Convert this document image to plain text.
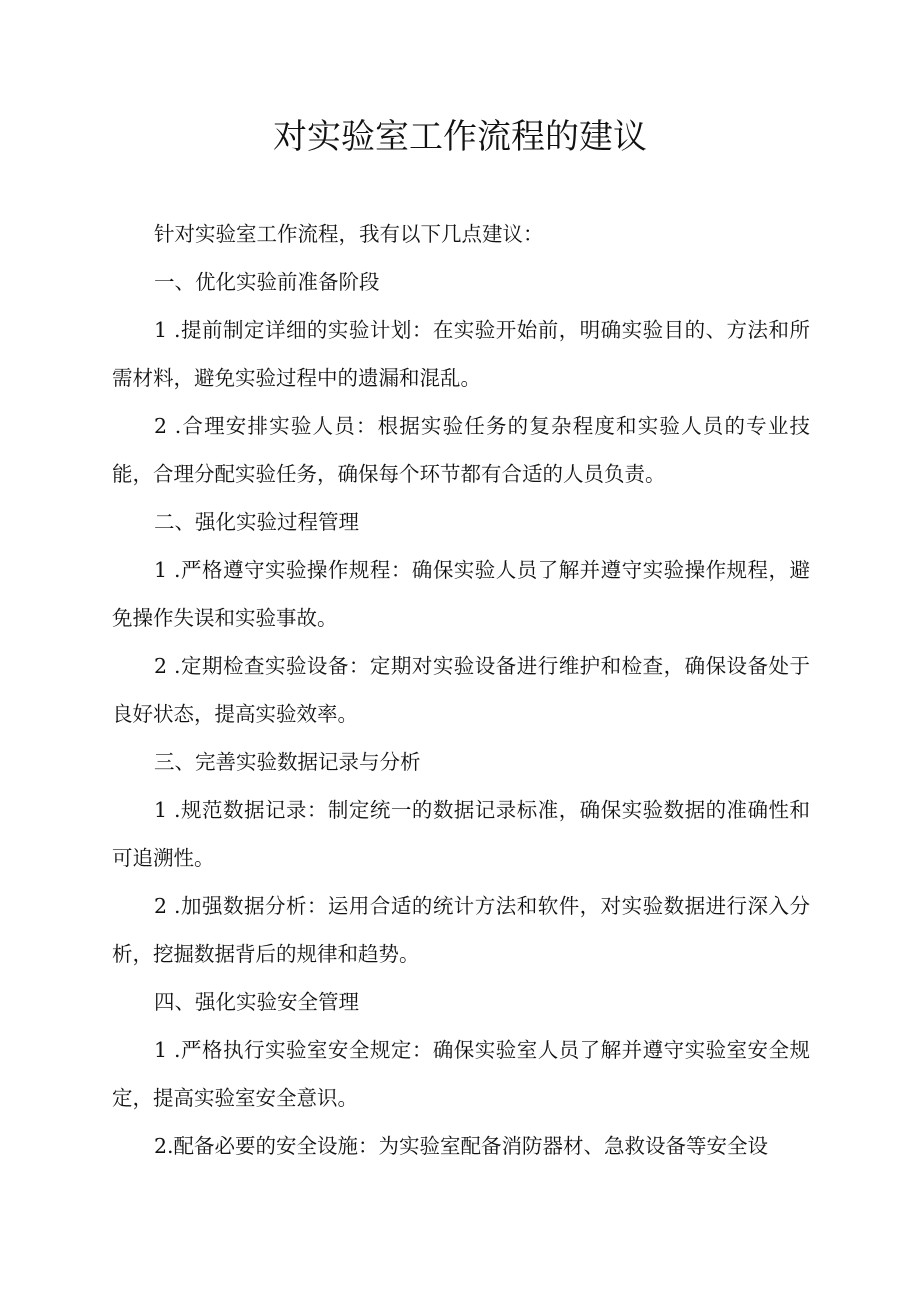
对实验室工作流程的建议

针对实验室工作流程，我有以下几点建议：

一、优化实验前准备阶段

1 .提前制定详细的实验计划：在实验开始前，明确实验目的、方法和所需材料，避免实验过程中的遗漏和混乱。

2 .合理安排实验人员：根据实验任务的复杂程度和实验人员的专业技能，合理分配实验任务，确保每个环节都有合适的人员负责。

二、强化实验过程管理

1 .严格遵守实验操作规程：确保实验人员了解并遵守实验操作规程，避免操作失误和实验事故。

2 .定期检查实验设备：定期对实验设备进行维护和检查，确保设备处于良好状态，提高实验效率。

三、完善实验数据记录与分析

1 .规范数据记录：制定统一的数据记录标准，确保实验数据的准确性和可追溯性。

2 .加强数据分析：运用合适的统计方法和软件，对实验数据进行深入分析，挖掘数据背后的规律和趋势。

四、强化实验安全管理

1 .严格执行实验室安全规定：确保实验室人员了解并遵守实验室安全规定，提高实验室安全意识。

2.配备必要的安全设施：为实验室配备消防器材、急救设备等安全设
